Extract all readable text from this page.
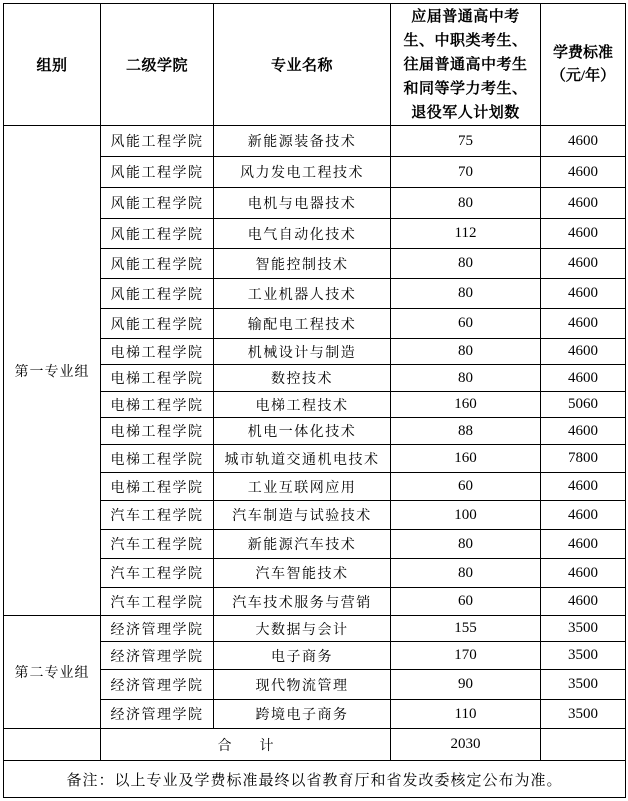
组别	二级学院	专业名称	应届普通高中考生、中职类考生、往届普通高中考生和同等学力考生、退役军人计划数	学费标准（元/年）

第一专业组	风能工程学院	新能源装备技术	75	4600
	风能工程学院	风力发电工程技术	70	4600
	风能工程学院	电机与电器技术	80	4600
	风能工程学院	电气自动化技术	112	4600
	风能工程学院	智能控制技术	80	4600
	风能工程学院	工业机器人技术	80	4600
	风能工程学院	输配电工程技术	60	4600
	电梯工程学院	机械设计与制造	80	4600
	电梯工程学院	数控技术	80	4600
	电梯工程学院	电梯工程技术	160	5060
	电梯工程学院	机电一体化技术	88	4600
	电梯工程学院	城市轨道交通机电技术	160	7800
	电梯工程学院	工业互联网应用	60	4600
	汽车工程学院	汽车制造与试验技术	100	4600
	汽车工程学院	新能源汽车技术	80	4600
	汽车工程学院	汽车智能技术	80	4600
	汽车工程学院	汽车技术服务与营销	60	4600
第二专业组	经济管理学院	大数据与会计	155	3500
	经济管理学院	电子商务	170	3500
	经济管理学院	现代物流管理	90	3500
	经济管理学院	跨境电子商务	110	3500
	合　　计		2030	
备注：以上专业及学费标准最终以省教育厅和省发改委核定公布为准。				
